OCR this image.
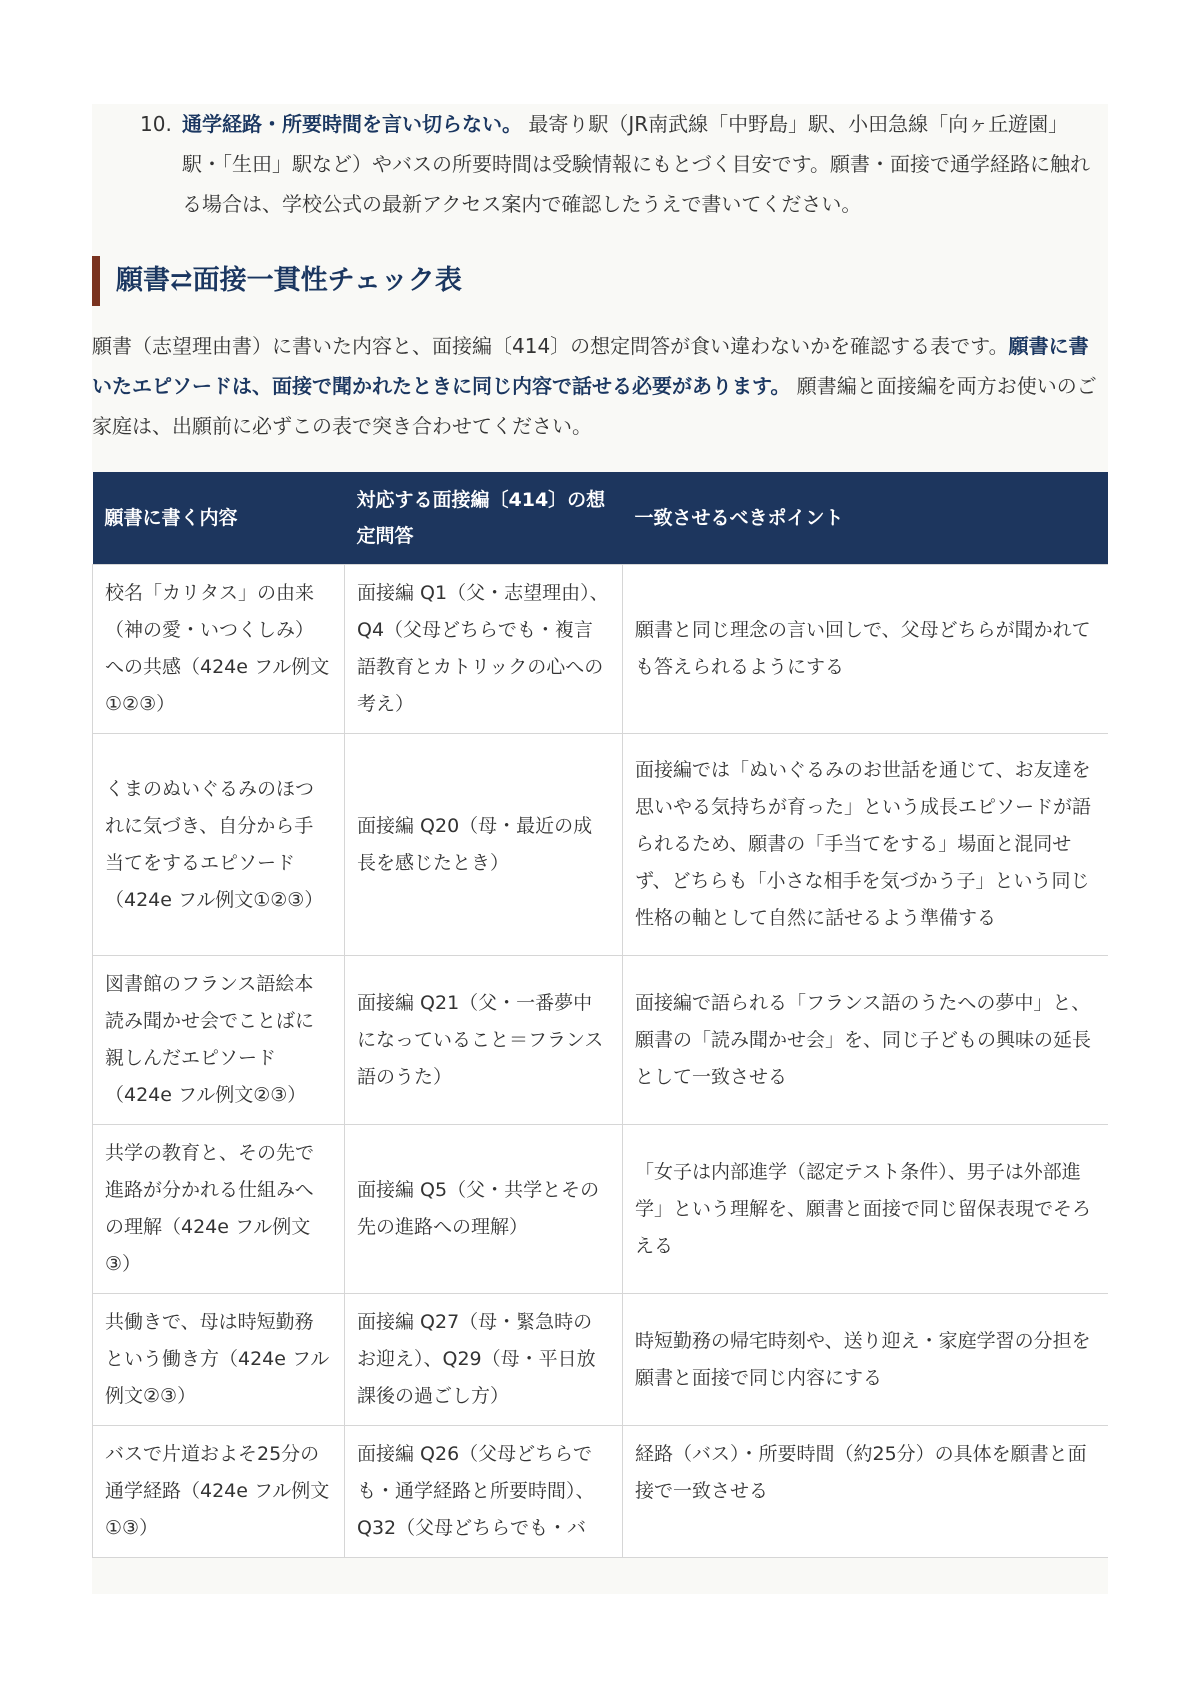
10. 通学経路・所要時間を言い切らない。 最寄り駅（JR南武線「中野島」駅、小田急線「向ヶ丘遊園」駅・「生田」駅など）やバスの所要時間は受験情報にもとづく目安です。願書・面接で通学経路に触れる場合は、学校公式の最新アクセス案内で確認したうえで書いてください。
願書⇄面接一貫性チェック表

願書（志望理由書）に書いた内容と、面接編〔414〕の想定問答が食い違わないかを確認する表です。願書に書いたエピソードは、面接で聞かれたときに同じ内容で話せる必要があります。 願書編と面接編を両方お使いのご家庭は、出願前に必ずこの表で突き合わせてください。

願書に書く内容	対応する面接編〔414〕の想定問答	一致させるべきポイント
校名「カリタス」の由来（神の愛・いつくしみ）への共感（424e フル例文①②③）	面接編 Q1（父・志望理由）、Q4（父母どちらでも・複言語教育とカトリックの心への考え）	願書と同じ理念の言い回しで、父母どちらが聞かれても答えられるようにする
くまのぬいぐるみのほつれに気づき、自分から手当てをするエピソード（424e フル例文①②③）	面接編 Q20（母・最近の成長を感じたとき）	面接編では「ぬいぐるみのお世話を通じて、お友達を思いやる気持ちが育った」という成長エピソードが語られるため、願書の「手当てをする」場面と混同せず、どちらも「小さな相手を気づかう子」という同じ性格の軸として自然に話せるよう準備する
図書館のフランス語絵本読み聞かせ会でことばに親しんだエピソード（424e フル例文②③）	面接編 Q21（父・一番夢中になっていること＝フランス語のうた）	面接編で語られる「フランス語のうたへの夢中」と、願書の「読み聞かせ会」を、同じ子どもの興味の延長として一致させる
共学の教育と、その先で進路が分かれる仕組みへの理解（424e フル例文③）	面接編 Q5（父・共学とその先の進路への理解）	「女子は内部進学（認定テスト条件）、男子は外部進学」という理解を、願書と面接で同じ留保表現でそろえる
共働きで、母は時短勤務という働き方（424e フル例文②③）	面接編 Q27（母・緊急時のお迎え）、Q29（母・平日放課後の過ごし方）	時短勤務の帰宅時刻や、送り迎え・家庭学習の分担を願書と面接で同じ内容にする
バスで片道およそ25分の通学経路（424e フル例文①③）	面接編 Q26（父母どちらでも・通学経路と所要時間）、Q32（父母どちらでも・バ	経路（バス）・所要時間（約25分）の具体を願書と面接で一致させる
